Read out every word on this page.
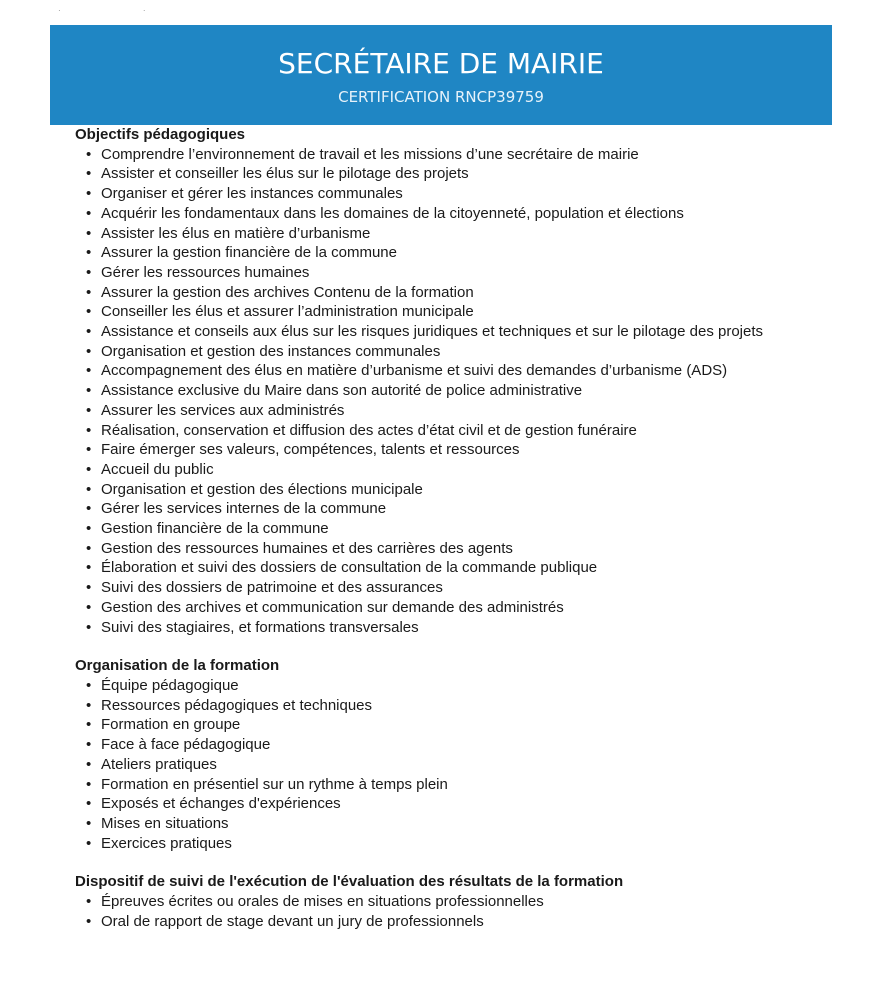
· ·
SECRÉTAIRE DE MAIRIE
CERTIFICATION RNCP39759
Objectifs pédagogiques
• Comprendre l’environnement de travail et les missions d’une secrétaire de mairie
• Assister et conseiller les élus sur le pilotage des projets
• Organiser et gérer les instances communales
• Acquérir les fondamentaux dans les domaines de la citoyenneté, population et élections
• Assister les élus en matière d’urbanisme
• Assurer la gestion financière de la commune
• Gérer les ressources humaines
• Assurer la gestion des archives Contenu de la formation
• Conseiller les élus et assurer l’administration municipale
• Assistance et conseils aux élus sur les risques juridiques et techniques et sur le pilotage des projets
• Organisation et gestion des instances communales
• Accompagnement des élus en matière d’urbanisme et suivi des demandes d’urbanisme (ADS)
• Assistance exclusive du Maire dans son autorité de police administrative
• Assurer les services aux administrés
• Réalisation, conservation et diffusion des actes d’état civil et de gestion funéraire
• Faire émerger ses valeurs, compétences, talents et ressources
• Accueil du public
• Organisation et gestion des élections municipale
• Gérer les services internes de la commune
• Gestion financière de la commune
• Gestion des ressources humaines et des carrières des agents
• Élaboration et suivi des dossiers de consultation de la commande publique
• Suivi des dossiers de patrimoine et des assurances
• Gestion des archives et communication sur demande des administrés
• Suivi des stagiaires, et formations transversales
Organisation de la formation
• Équipe pédagogique
• Ressources pédagogiques et techniques
• Formation en groupe
• Face à face pédagogique
• Ateliers pratiques
• Formation en présentiel sur un rythme à temps plein
• Exposés et échanges d'expériences
• Mises en situations
• Exercices pratiques
Dispositif de suivi de l'exécution de l'évaluation des résultats de la formation
• Épreuves écrites ou orales de mises en situations professionnelles
• Oral de rapport de stage devant un jury de professionnels
